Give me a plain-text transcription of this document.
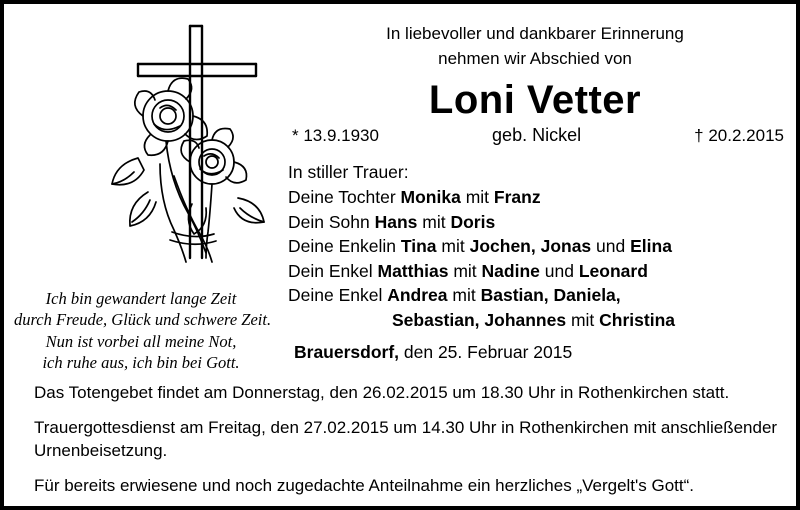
Ich bin gewandert lange Zeit
durch Freude, Glück und schwere Zeit.
Nun ist vorbei all meine Not,
ich ruhe aus, ich bin bei Gott.
In liebevoller und dankbarer Erinnerung
nehmen wir Abschied von
Loni Vetter
* 13.9.1930	geb. Nickel	† 20.2.2015
In stiller Trauer:
Deine Tochter Monika mit Franz
Dein Sohn Hans mit Doris
Deine Enkelin Tina mit Jochen, Jonas und Elina
Dein Enkel Matthias mit Nadine und Leonard
Deine Enkel Andrea mit Bastian, Daniela,
Sebastian, Johannes mit Christina
Brauersdorf, den 25. Februar 2015

Das Totengebet findet am Donnerstag, den 26.02.2015 um 18.30 Uhr in Rothenkirchen statt.

Trauergottesdienst am Freitag, den 27.02.2015 um 14.30 Uhr in Rothenkirchen mit anschließender Urnenbeisetzung.

Für bereits erwiesene und noch zugedachte Anteilnahme ein herzliches „Vergelt's Gott“.
